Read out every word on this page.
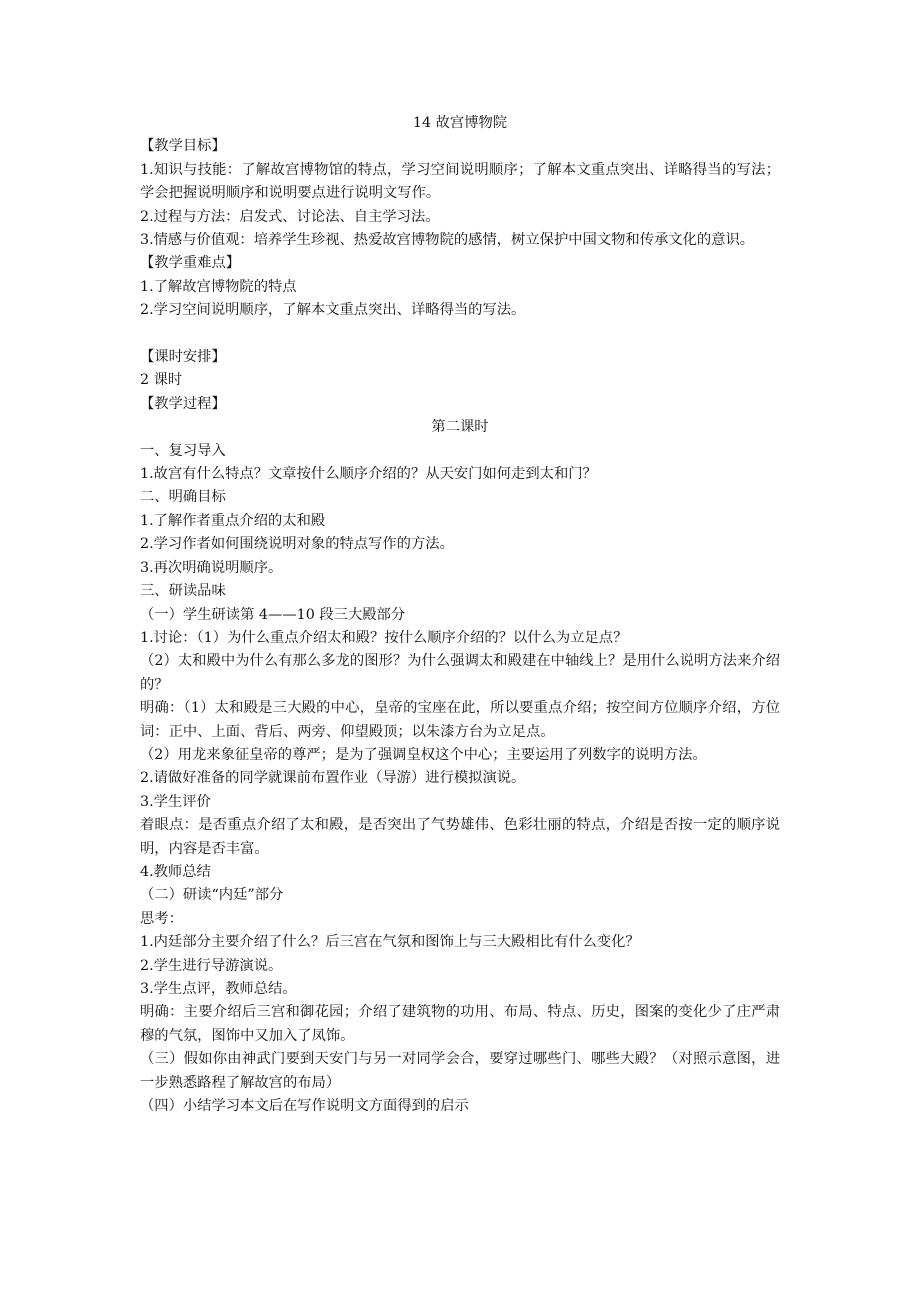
14 故宫博物院
【教学目标】
1.知识与技能：了解故宫博物馆的特点，学习空间说明顺序；了解本文重点突出、详略得当的写法；学会把握说明顺序和说明要点进行说明文写作。
2.过程与方法：启发式、讨论法、自主学习法。
3.情感与价值观：培养学生珍视、热爱故宫博物院的感情，树立保护中国文物和传承文化的意识。
【教学重难点】
1.了解故宫博物院的特点
2.学习空间说明顺序，了解本文重点突出、详略得当的写法。
【课时安排】
2 课时
【教学过程】
第二课时
一、复习导入
1.故宫有什么特点？文章按什么顺序介绍的？从天安门如何走到太和门？
二、明确目标
1.了解作者重点介绍的太和殿
2.学习作者如何围绕说明对象的特点写作的方法。
3.再次明确说明顺序。
三、研读品味
（一）学生研读第 4——10 段三大殿部分
1.讨论：（1）为什么重点介绍太和殿？按什么顺序介绍的？以什么为立足点？
（2）太和殿中为什么有那么多龙的图形？为什么强调太和殿建在中轴线上？是用什么说明方法来介绍的？
明确：（1）太和殿是三大殿的中心，皇帝的宝座在此，所以要重点介绍；按空间方位顺序介绍，方位词：正中、上面、背后、两旁、仰望殿顶；以朱漆方台为立足点。
（2）用龙来象征皇帝的尊严；是为了强调皇权这个中心；主要运用了列数字的说明方法。
2.请做好准备的同学就课前布置作业（导游）进行模拟演说。
3.学生评价
着眼点：是否重点介绍了太和殿，是否突出了气势雄伟、色彩壮丽的特点，介绍是否按一定的顺序说明，内容是否丰富。
4.教师总结
（二）研读“内廷”部分
思考：
1.内廷部分主要介绍了什么？后三宫在气氛和图饰上与三大殿相比有什么变化？
2.学生进行导游演说。
3.学生点评，教师总结。
明确：主要介绍后三宫和御花园；介绍了建筑物的功用、布局、特点、历史，图案的变化少了庄严肃穆的气氛，图饰中又加入了凤饰。
（三）假如你由神武门要到天安门与另一对同学会合，要穿过哪些门、哪些大殿？（对照示意图，进一步熟悉路程了解故宫的布局）
（四）小结学习本文后在写作说明文方面得到的启示
